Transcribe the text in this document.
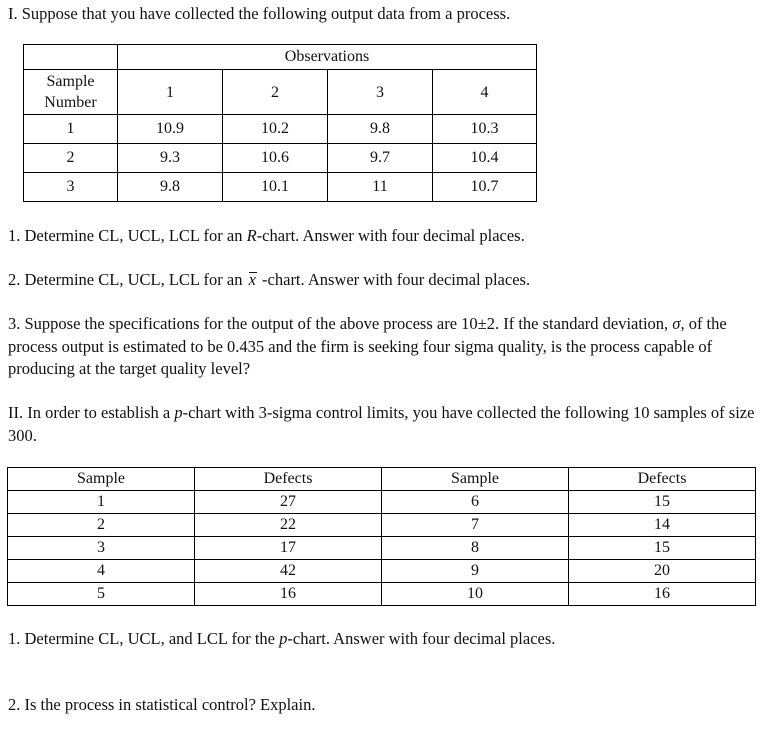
I. Suppose that you have collected the following output data from a process.
	Observations			
Sample
Number	1	2	3	4
1	10.9	10.2	9.8	10.3
2	9.3	10.6	9.7	10.4
3	9.8	10.1	11	10.7
1. Determine CL, UCL, LCL for an R-chart. Answer with four decimal places.
2. Determine CL, UCL, LCL for an x -chart. Answer with four decimal places.
3. Suppose the specifications for the output of the above process are 10±2. If the standard deviation, σ, of the process output is estimated to be 0.435 and the firm is seeking four sigma quality, is the process capable of producing at the target quality level?
II. In order to establish a p-chart with 3-sigma control limits, you have collected the following 10 samples of size 300.
Sample	Defects	Sample	Defects
1	27	6	15
2	22	7	14
3	17	8	15
4	42	9	20
5	16	10	16
1. Determine CL, UCL, and LCL for the p-chart. Answer with four decimal places.
2. Is the process in statistical control? Explain.
